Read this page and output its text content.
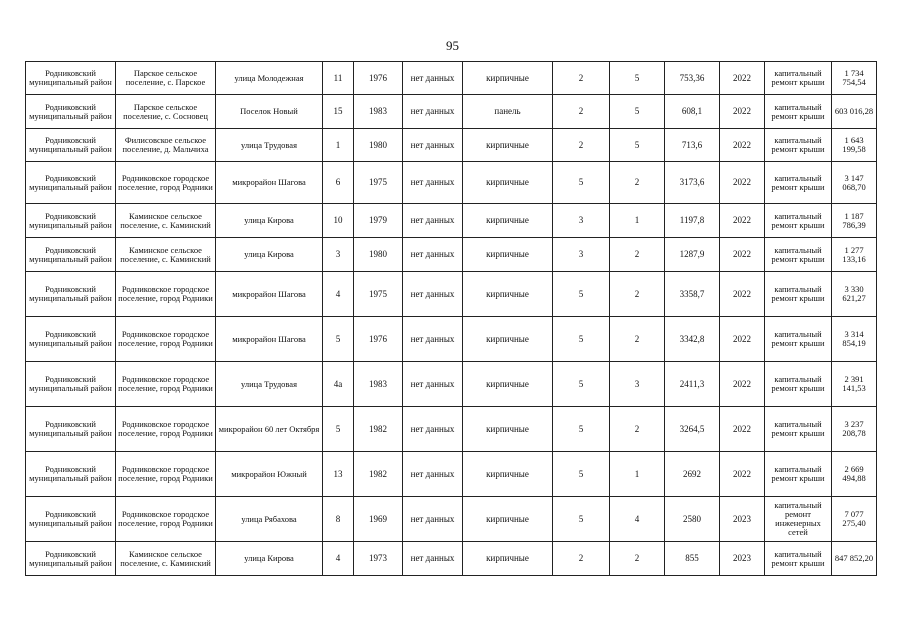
95
Родниковский муниципальный район	Парское сельское поселение, с. Парское	улица Молодежная	11	1976	нет данных	кирпичные	2	5	753,36	2022	капитальный ремонт крыши	1 734 754,54
Родниковский муниципальный район	Парское сельское поселение, с. Сосновец	Поселок Новый	15	1983	нет данных	панель	2	5	608,1	2022	капитальный ремонт крыши	603 016,28
Родниковский муниципальный район	Филисовское сельское поселение, д. Мальчиха	улица Трудовая	1	1980	нет данных	кирпичные	2	5	713,6	2022	капитальный ремонт крыши	1 643 199,58
Родниковский муниципальный район	Родниковское городское поселение, город Родники	микрорайон Шагова	6	1975	нет данных	кирпичные	5	2	3173,6	2022	капитальный ремонт крыши	3 147 068,70
Родниковский муниципальный район	Каминское сельское поселение, с. Каминский	улица Кирова	10	1979	нет данных	кирпичные	3	1	1197,8	2022	капитальный ремонт крыши	1 187 786,39
Родниковский муниципальный район	Каминское сельское поселение, с. Каминский	улица Кирова	3	1980	нет данных	кирпичные	3	2	1287,9	2022	капитальный ремонт крыши	1 277 133,16
Родниковский муниципальный район	Родниковское городское поселение, город Родники	микрорайон Шагова	4	1975	нет данных	кирпичные	5	2	3358,7	2022	капитальный ремонт крыши	3 330 621,27
Родниковский муниципальный район	Родниковское городское поселение, город Родники	микрорайон Шагова	5	1976	нет данных	кирпичные	5	2	3342,8	2022	капитальный ремонт крыши	3 314 854,19
Родниковский муниципальный район	Родниковское городское поселение, город Родники	улица Трудовая	4а	1983	нет данных	кирпичные	5	3	2411,3	2022	капитальный ремонт крыши	2 391 141,53
Родниковский муниципальный район	Родниковское городское поселение, город Родники	микрорайон 60 лет Октября	5	1982	нет данных	кирпичные	5	2	3264,5	2022	капитальный ремонт крыши	3 237 208,78
Родниковский муниципальный район	Родниковское городское поселение, город Родники	микрорайон Южный	13	1982	нет данных	кирпичные	5	1	2692	2022	капитальный ремонт крыши	2 669 494,88
Родниковский муниципальный район	Родниковское городское поселение, город Родники	улица Рябахова	8	1969	нет данных	кирпичные	5	4	2580	2023	капитальный ремонт инженерных сетей	7 077 275,40
Родниковский муниципальный район	Каминское сельское поселение, с. Каминский	улица Кирова	4	1973	нет данных	кирпичные	2	2	855	2023	капитальный ремонт крыши	847 852,20
